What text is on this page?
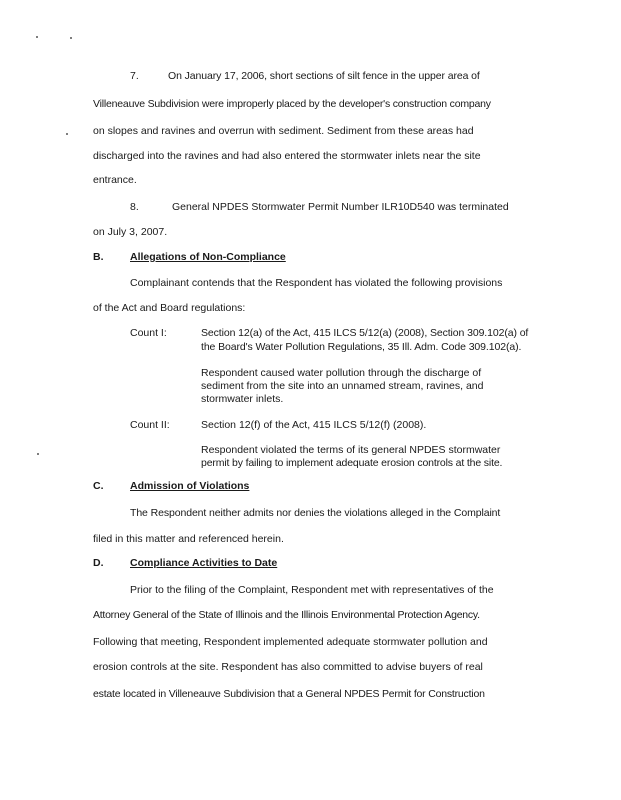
7.	On January 17, 2006, short sections of silt fence in the upper area of
Villeneauve Subdivision were improperly placed by the developer's construction company
on slopes and ravines and overrun with sediment. Sediment from these areas had
discharged into the ravines and had also entered the stormwater inlets near the site
entrance.
8.	General NPDES Stormwater Permit Number ILR10D540 was terminated
on July 3, 2007.
B.	Allegations of Non-Compliance
Complainant contends that the Respondent has violated the following provisions
of the Act and Board regulations:
Count I:	Section 12(a) of the Act, 415 ILCS 5/12(a) (2008), Section 309.102(a) of
the Board's Water Pollution Regulations, 35 Ill. Adm. Code 309.102(a).
Respondent caused water pollution through the discharge of
sediment from the site into an unnamed stream, ravines, and
stormwater inlets.
Count II:	Section 12(f) of the Act, 415 ILCS 5/12(f) (2008).
Respondent violated the terms of its general NPDES stormwater
permit by failing to implement adequate erosion controls at the site.
C.	Admission of Violations
The Respondent neither admits nor denies the violations alleged in the Complaint
filed in this matter and referenced herein.
D.	Compliance Activities to Date
Prior to the filing of the Complaint, Respondent met with representatives of the
Attorney General of the State of Illinois and the Illinois Environmental Protection Agency.
Following that meeting, Respondent implemented adequate stormwater pollution and
erosion controls at the site. Respondent has also committed to advise buyers of real
estate located in Villeneauve Subdivision that a General NPDES Permit for Construction
